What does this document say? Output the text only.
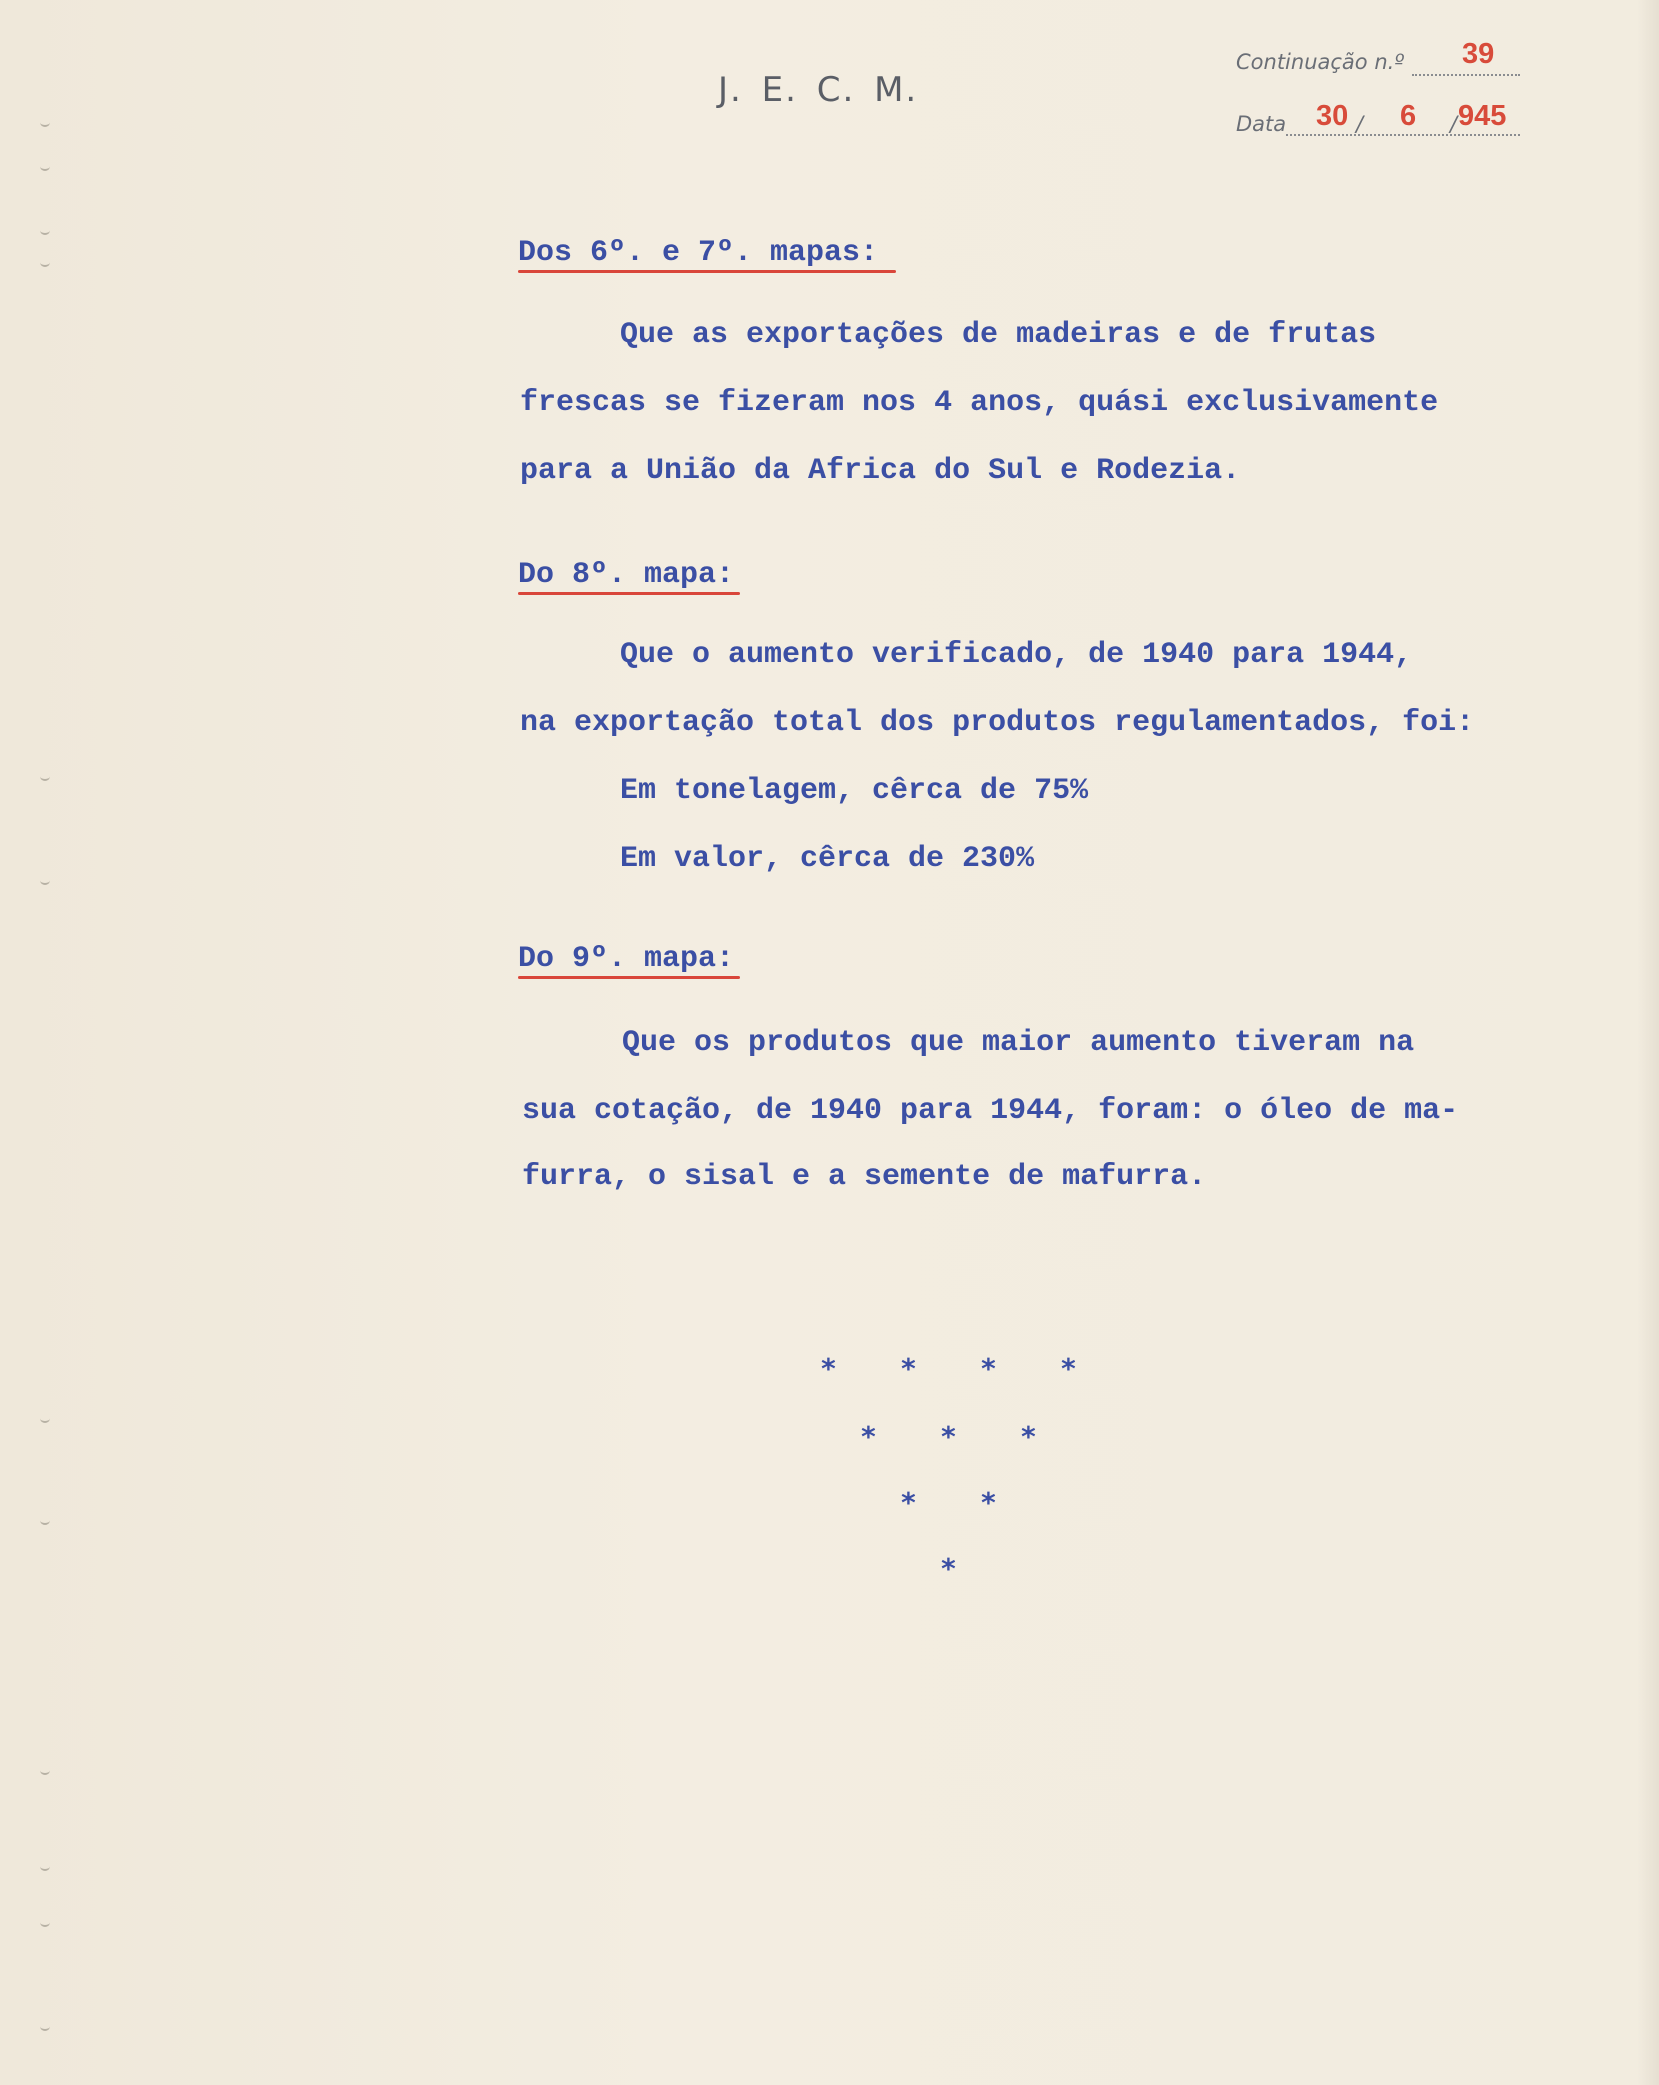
J. E. C. M.
Continuação n.º 39
Data 30 / 6 / 945
Dos 6º. e 7º. mapas:
Que as exportações de madeiras e de frutas
frescas se fizeram nos 4 anos, quási exclusivamente
para a União da Africa do Sul e Rodezia.
Do 8º. mapa:
Que o aumento verificado, de 1940 para 1944,
na exportação total dos produtos regulamentados, foi:
Em tonelagem, cêrca de 75%
Em valor, cêrca de 230%
Do 9º. mapa:
Que os produtos que maior aumento tiveram na
sua cotação, de 1940 para 1944, foram: o óleo de ma-
furra, o sisal e a semente de mafurra.
* * * *
* * *
* *
*
